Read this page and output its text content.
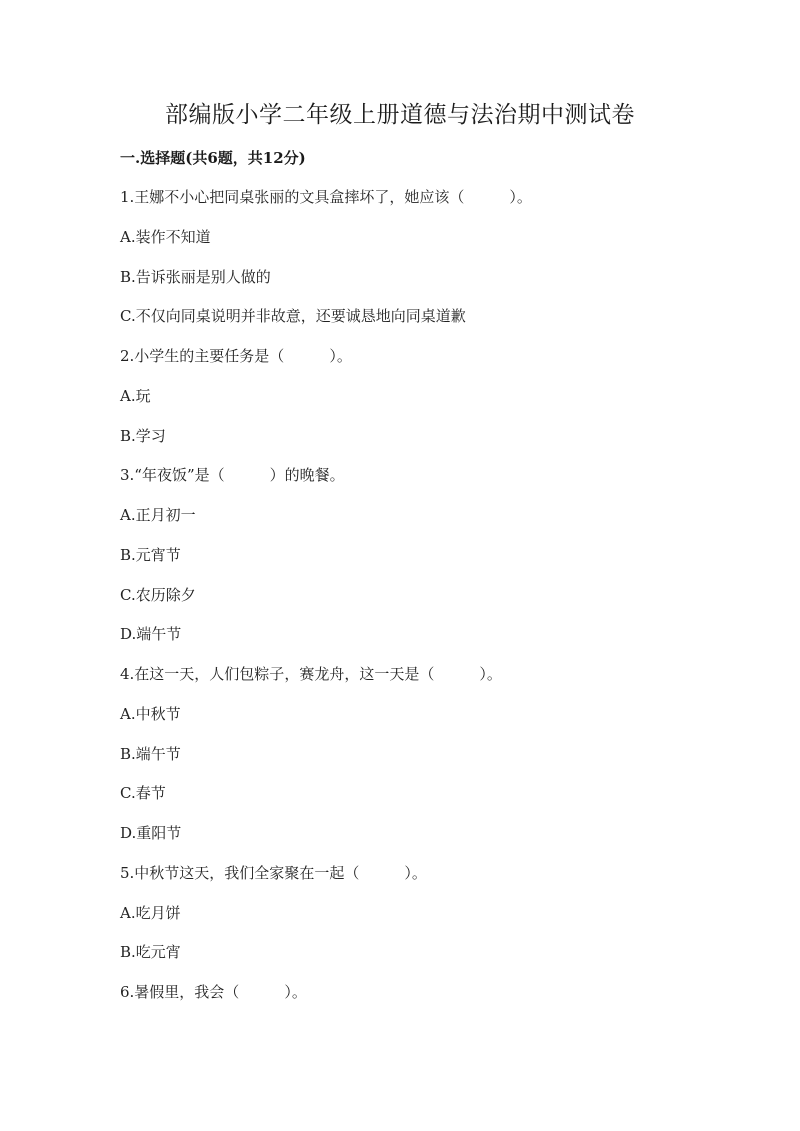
部编版小学二年级上册道德与法治期中测试卷
一.选择题(共6题，共12分)
1.王娜不小心把同桌张丽的文具盒摔坏了，她应该（　　　）。
A.装作不知道
B.告诉张丽是别人做的
C.不仅向同桌说明并非故意，还要诚恳地向同桌道歉
2.小学生的主要任务是（　　　）。
A.玩
B.学习
3.“年夜饭”是（　　　）的晚餐。
A.正月初一
B.元宵节
C.农历除夕
D.端午节
4.在这一天，人们包粽子，赛龙舟，这一天是（　　　）。
A.中秋节
B.端午节
C.春节
D.重阳节
5.中秋节这天，我们全家聚在一起（　　　）。
A.吃月饼
B.吃元宵
6.暑假里，我会（　　　）。
